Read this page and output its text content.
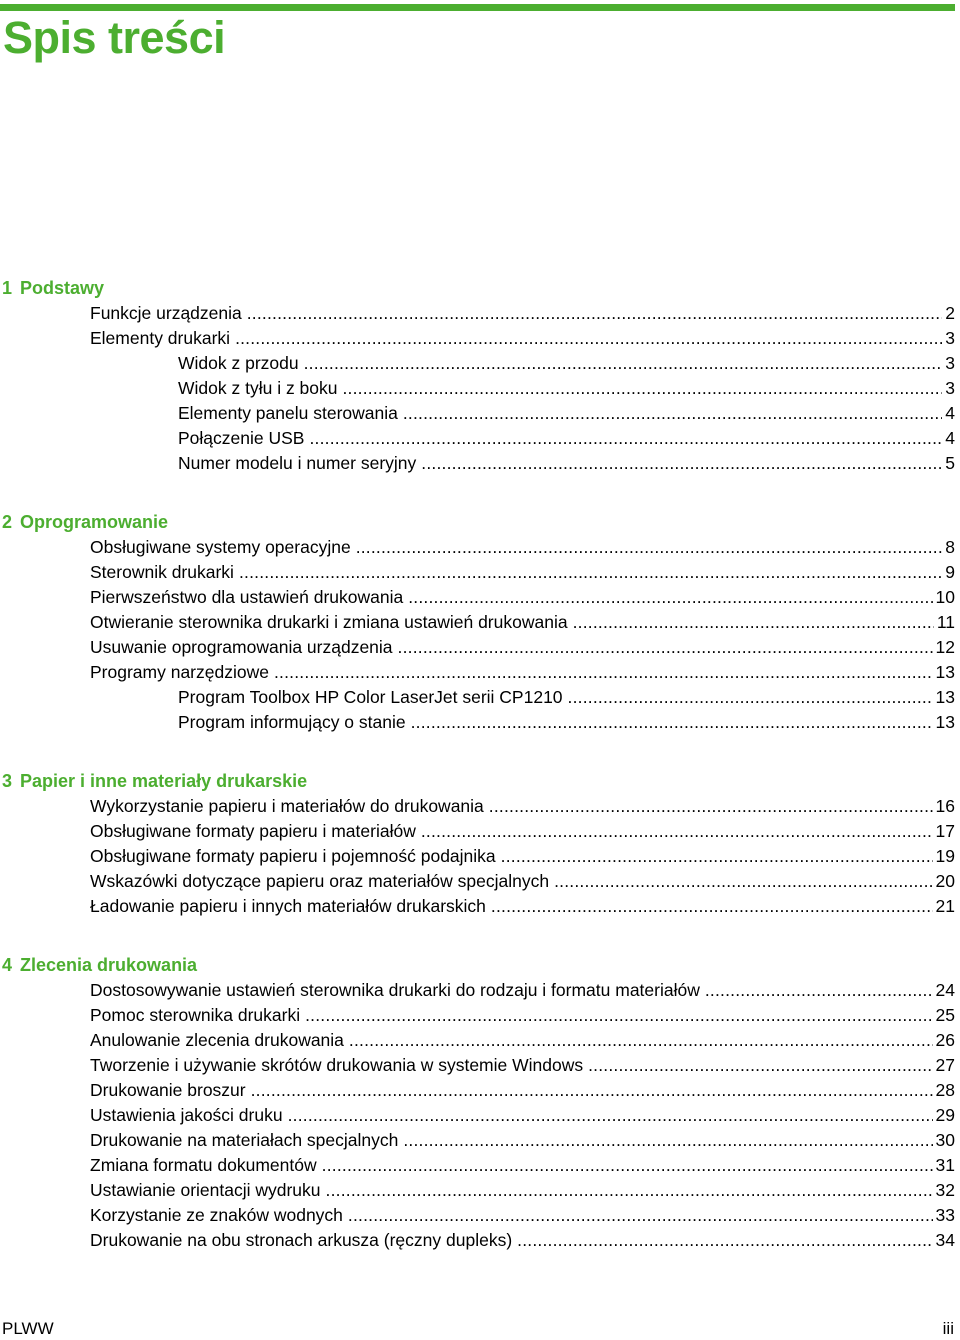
Spis treści
1 Podstawy
Funkcje urządzenia .....	2
Elementy drukarki .....	3
Widok z przodu .....	3
Widok z tyłu i z boku .....	3
Elementy panelu sterowania .....	4
Połączenie USB .....	4
Numer modelu i numer seryjny .....	5
2 Oprogramowanie
Obsługiwane systemy operacyjne .....	8
Sterownik drukarki .....	9
Pierwszeństwo dla ustawień drukowania .....	10
Otwieranie sterownika drukarki i zmiana ustawień drukowania .....	11
Usuwanie oprogramowania urządzenia .....	12
Programy narzędziowe .....	13
Program Toolbox HP Color LaserJet serii CP1210 .....	13
Program informujący o stanie .....	13
3 Papier i inne materiały drukarskie
Wykorzystanie papieru i materiałów do drukowania .....	16
Obsługiwane formaty papieru i materiałów .....	17
Obsługiwane formaty papieru i pojemność podajnika .....	19
Wskazówki dotyczące papieru oraz materiałów specjalnych .....	20
Ładowanie papieru i innych materiałów drukarskich .....	21
4 Zlecenia drukowania
Dostosowywanie ustawień sterownika drukarki do rodzaju i formatu materiałów .....	24
Pomoc sterownika drukarki .....	25
Anulowanie zlecenia drukowania .....	26
Tworzenie i używanie skrótów drukowania w systemie Windows .....	27
Drukowanie broszur .....	28
Ustawienia jakości druku .....	29
Drukowanie na materiałach specjalnych .....	30
Zmiana formatu dokumentów .....	31
Ustawianie orientacji wydruku .....	32
Korzystanie ze znaków wodnych .....	33
Drukowanie na obu stronach arkusza (ręczny dupleks) .....	34
PLWW	iii
